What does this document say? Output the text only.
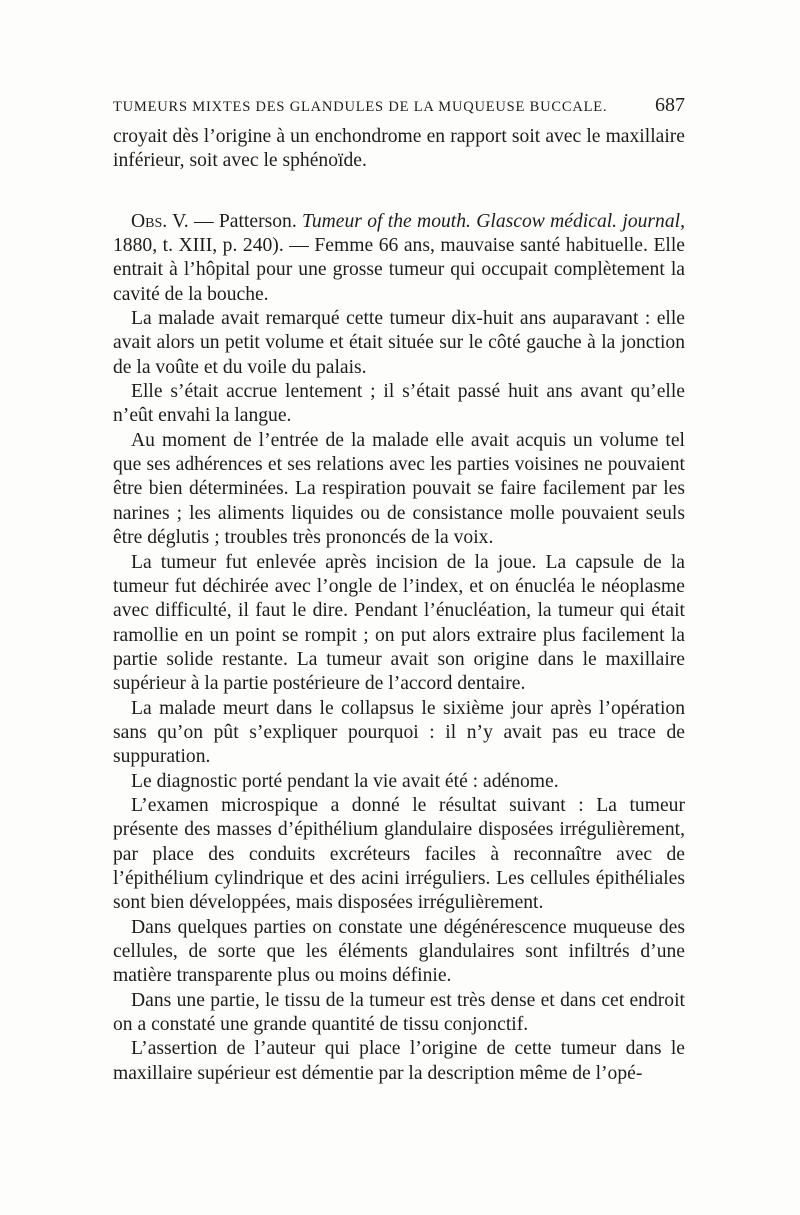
TUMEURS MIXTES DES GLANDULES DE LA MUQUEUSE BUCCALE. 687

croyait dès l’origine à un enchondrome en rapport soit avec le maxillaire inférieur, soit avec le sphénoïde.

Obs. V. — Patterson. Tumeur of the mouth. Glascow médical. journal, 1880, t. XIII, p. 240). — Femme 66 ans, mauvaise santé habituelle. Elle entrait à l’hôpital pour une grosse tumeur qui occupait complètement la cavité de la bouche.

La malade avait remarqué cette tumeur dix-huit ans auparavant : elle avait alors un petit volume et était située sur le côté gauche à la jonction de la voûte et du voile du palais.

Elle s’était accrue lentement ; il s’était passé huit ans avant qu’elle n’eût envahi la langue.

Au moment de l’entrée de la malade elle avait acquis un volume tel que ses adhérences et ses relations avec les parties voisines ne pouvaient être bien déterminées. La respiration pouvait se faire facilement par les narines ; les aliments liquides ou de consistance molle pouvaient seuls être déglutis ; troubles très prononcés de la voix.

La tumeur fut enlevée après incision de la joue. La capsule de la tumeur fut déchirée avec l’ongle de l’index, et on énucléa le néoplasme avec difficulté, il faut le dire. Pendant l’énucléation, la tumeur qui était ramollie en un point se rompit ; on put alors extraire plus facilement la partie solide restante. La tumeur avait son origine dans le maxillaire supérieur à la partie postérieure de l’accord dentaire.

La malade meurt dans le collapsus le sixième jour après l’opération sans qu’on pût s’expliquer pourquoi : il n’y avait pas eu trace de suppuration.

Le diagnostic porté pendant la vie avait été : adénome.

L’examen microspique a donné le résultat suivant : La tumeur présente des masses d’épithélium glandulaire disposées irrégulièrement, par place des conduits excréteurs faciles à reconnaître avec de l’épithélium cylindrique et des acini irréguliers. Les cellules épithéliales sont bien développées, mais disposées irrégulièrement.

Dans quelques parties on constate une dégénérescence muqueuse des cellules, de sorte que les éléments glandulaires sont infiltrés d’une matière transparente plus ou moins définie.

Dans une partie, le tissu de la tumeur est très dense et dans cet endroit on a constaté une grande quantité de tissu conjonctif.

L’assertion de l’auteur qui place l’origine de cette tumeur dans le maxillaire supérieur est démentie par la description même de l’opé-
